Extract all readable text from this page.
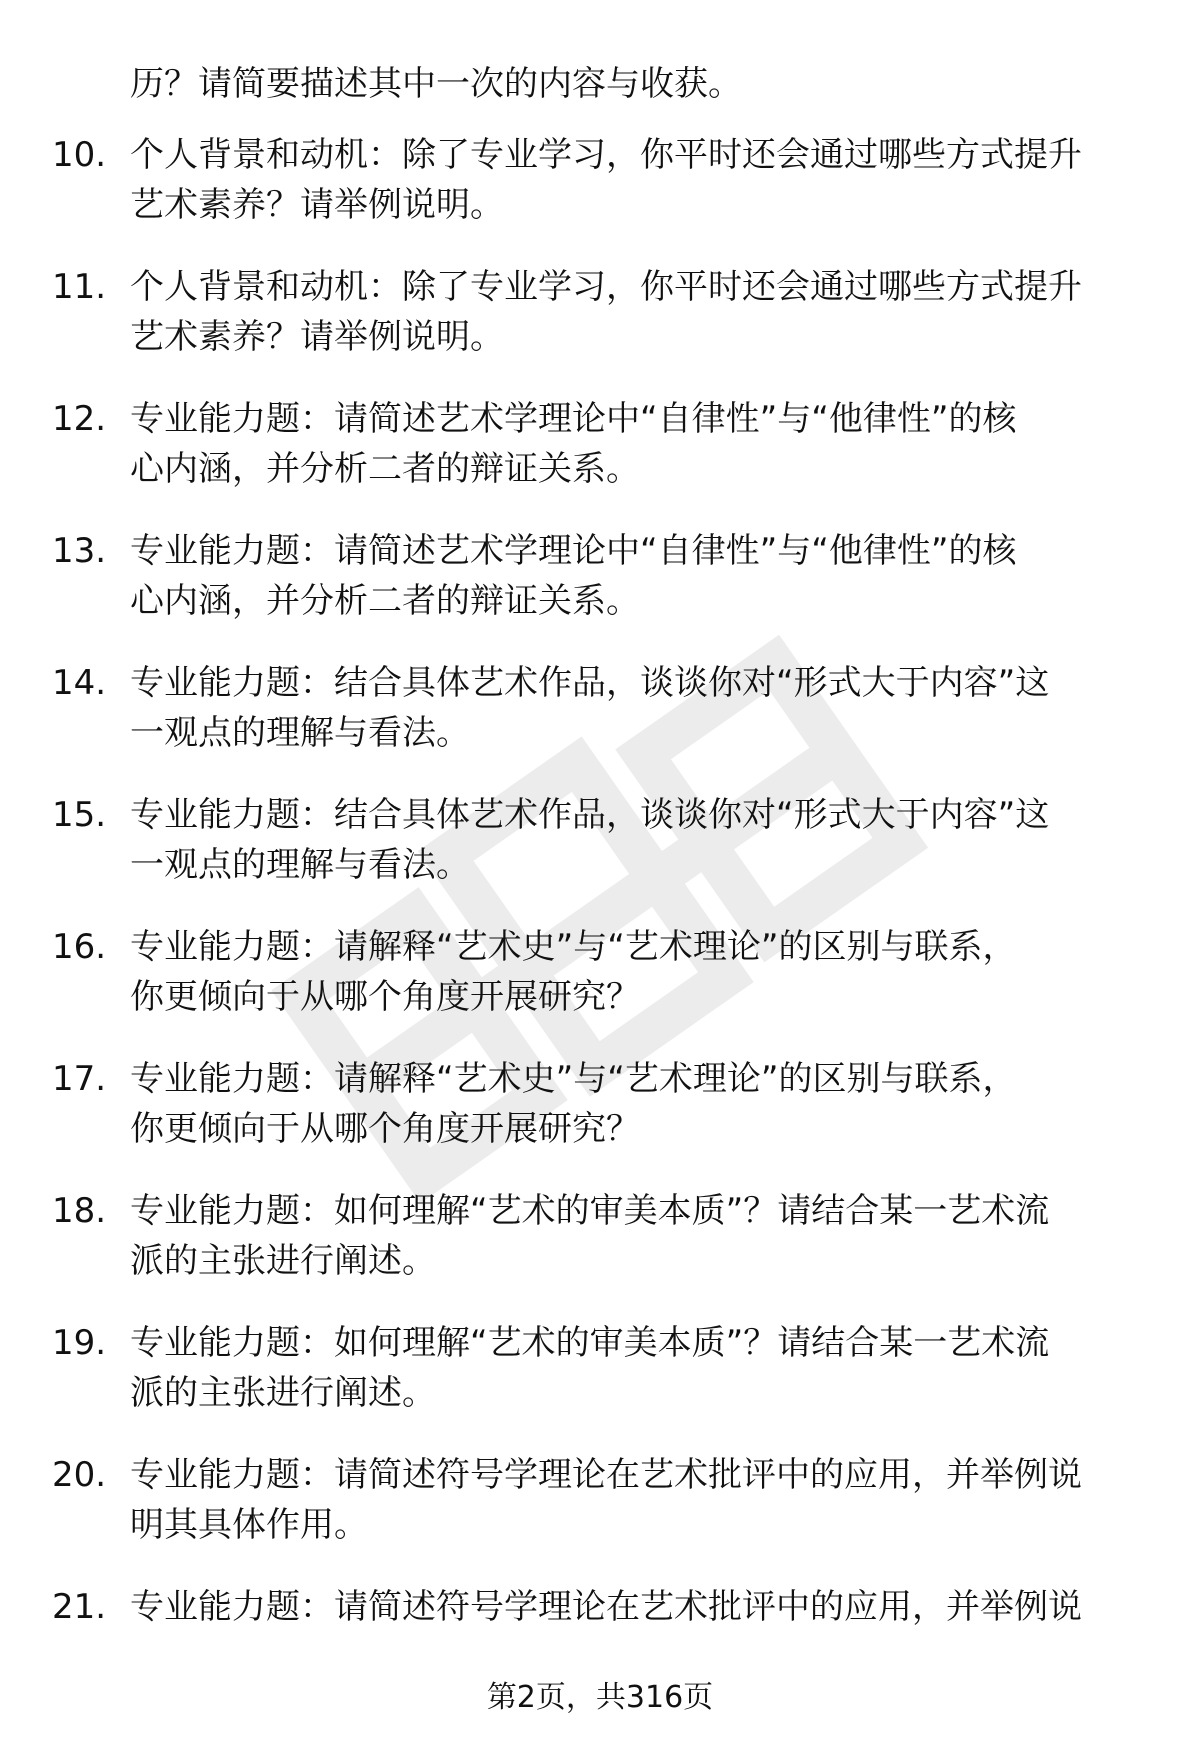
历？请简要描述其中一次的内容与收获。
10. 个人背景和动机：除了专业学习，你平时还会通过哪些方式提升
艺术素养？请举例说明。
11. 个人背景和动机：除了专业学习，你平时还会通过哪些方式提升
艺术素养？请举例说明。
12. 专业能力题：请简述艺术学理论中“自律性”与“他律性”的核
心内涵，并分析二者的辩证关系。
13. 专业能力题：请简述艺术学理论中“自律性”与“他律性”的核
心内涵，并分析二者的辩证关系。
14. 专业能力题：结合具体艺术作品，谈谈你对“形式大于内容”这
一观点的理解与看法。
15. 专业能力题：结合具体艺术作品，谈谈你对“形式大于内容”这
一观点的理解与看法。
16. 专业能力题：请解释“艺术史”与“艺术理论”的区别与联系，
你更倾向于从哪个角度开展研究？
17. 专业能力题：请解释“艺术史”与“艺术理论”的区别与联系，
你更倾向于从哪个角度开展研究？
18. 专业能力题：如何理解“艺术的审美本质”？请结合某一艺术流
派的主张进行阐述。
19. 专业能力题：如何理解“艺术的审美本质”？请结合某一艺术流
派的主张进行阐述。
20. 专业能力题：请简述符号学理论在艺术批评中的应用，并举例说
明其具体作用。
21. 专业能力题：请简述符号学理论在艺术批评中的应用，并举例说
第2页，共316页
